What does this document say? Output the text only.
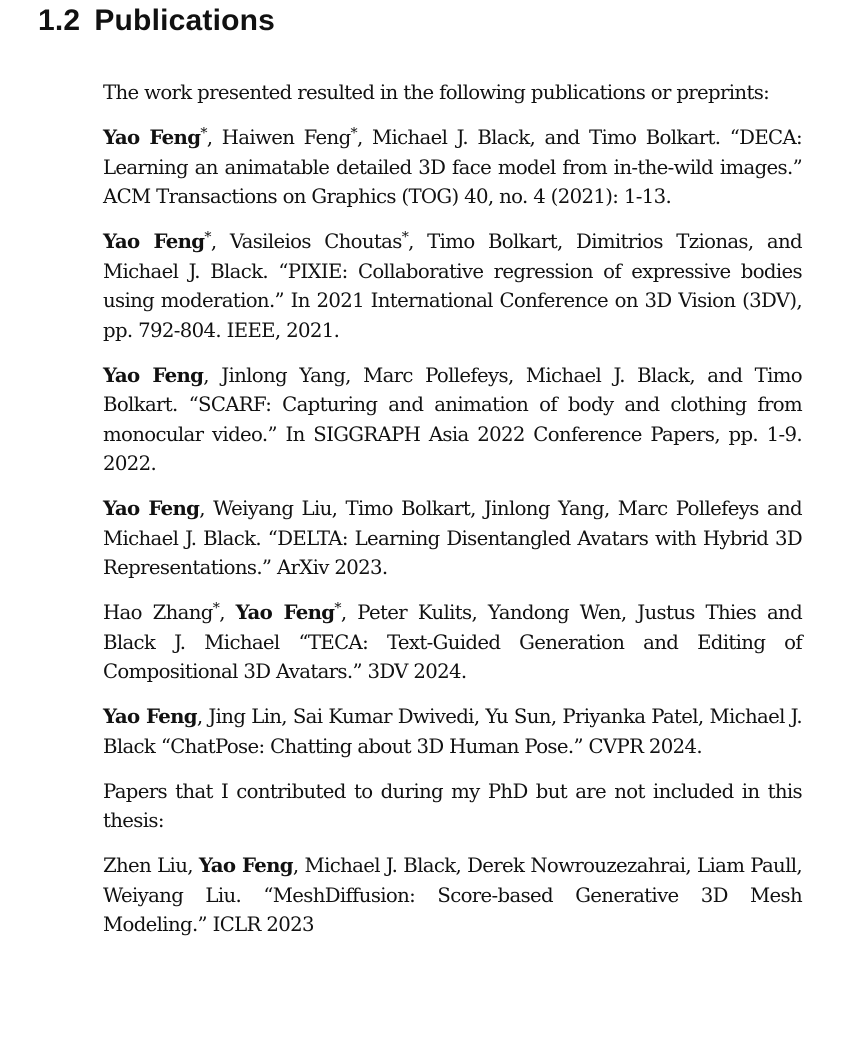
1.2 Publications

The work presented resulted in the following publications or preprints:

Yao Feng*, Haiwen Feng*, Michael J. Black, and Timo Bolkart. “DECA: Learning an animatable detailed 3D face model from in-the-wild images.” ACM Transactions on Graphics (TOG) 40, no. 4 (2021): 1-13.

Yao Feng*, Vasileios Choutas*, Timo Bolkart, Dimitrios Tzionas, and Michael J. Black. “PIXIE: Collaborative regression of expressive bodies using moderation.” In 2021 International Conference on 3D Vision (3DV), pp. 792-804. IEEE, 2021.

Yao Feng, Jinlong Yang, Marc Pollefeys, Michael J. Black, and Timo Bolkart. “SCARF: Capturing and animation of body and clothing from monocular video.” In SIGGRAPH Asia 2022 Conference Papers, pp. 1-9. 2022.

Yao Feng, Weiyang Liu, Timo Bolkart, Jinlong Yang, Marc Pollefeys and Michael J. Black. “DELTA: Learning Disentangled Avatars with Hybrid 3D Representations.” ArXiv 2023.

Hao Zhang*, Yao Feng*, Peter Kulits, Yandong Wen, Justus Thies and Black J. Michael “TECA: Text-Guided Generation and Editing of Compositional 3D Avatars.” 3DV 2024.

Yao Feng, Jing Lin, Sai Kumar Dwivedi, Yu Sun, Priyanka Patel, Michael J. Black “ChatPose: Chatting about 3D Human Pose.” CVPR 2024.

Papers that I contributed to during my PhD but are not included in this thesis:

Zhen Liu, Yao Feng, Michael J. Black, Derek Nowrouzezahrai, Liam Paull, Weiyang Liu. “MeshDiffusion: Score-based Generative 3D Mesh Modeling.” ICLR 2023
